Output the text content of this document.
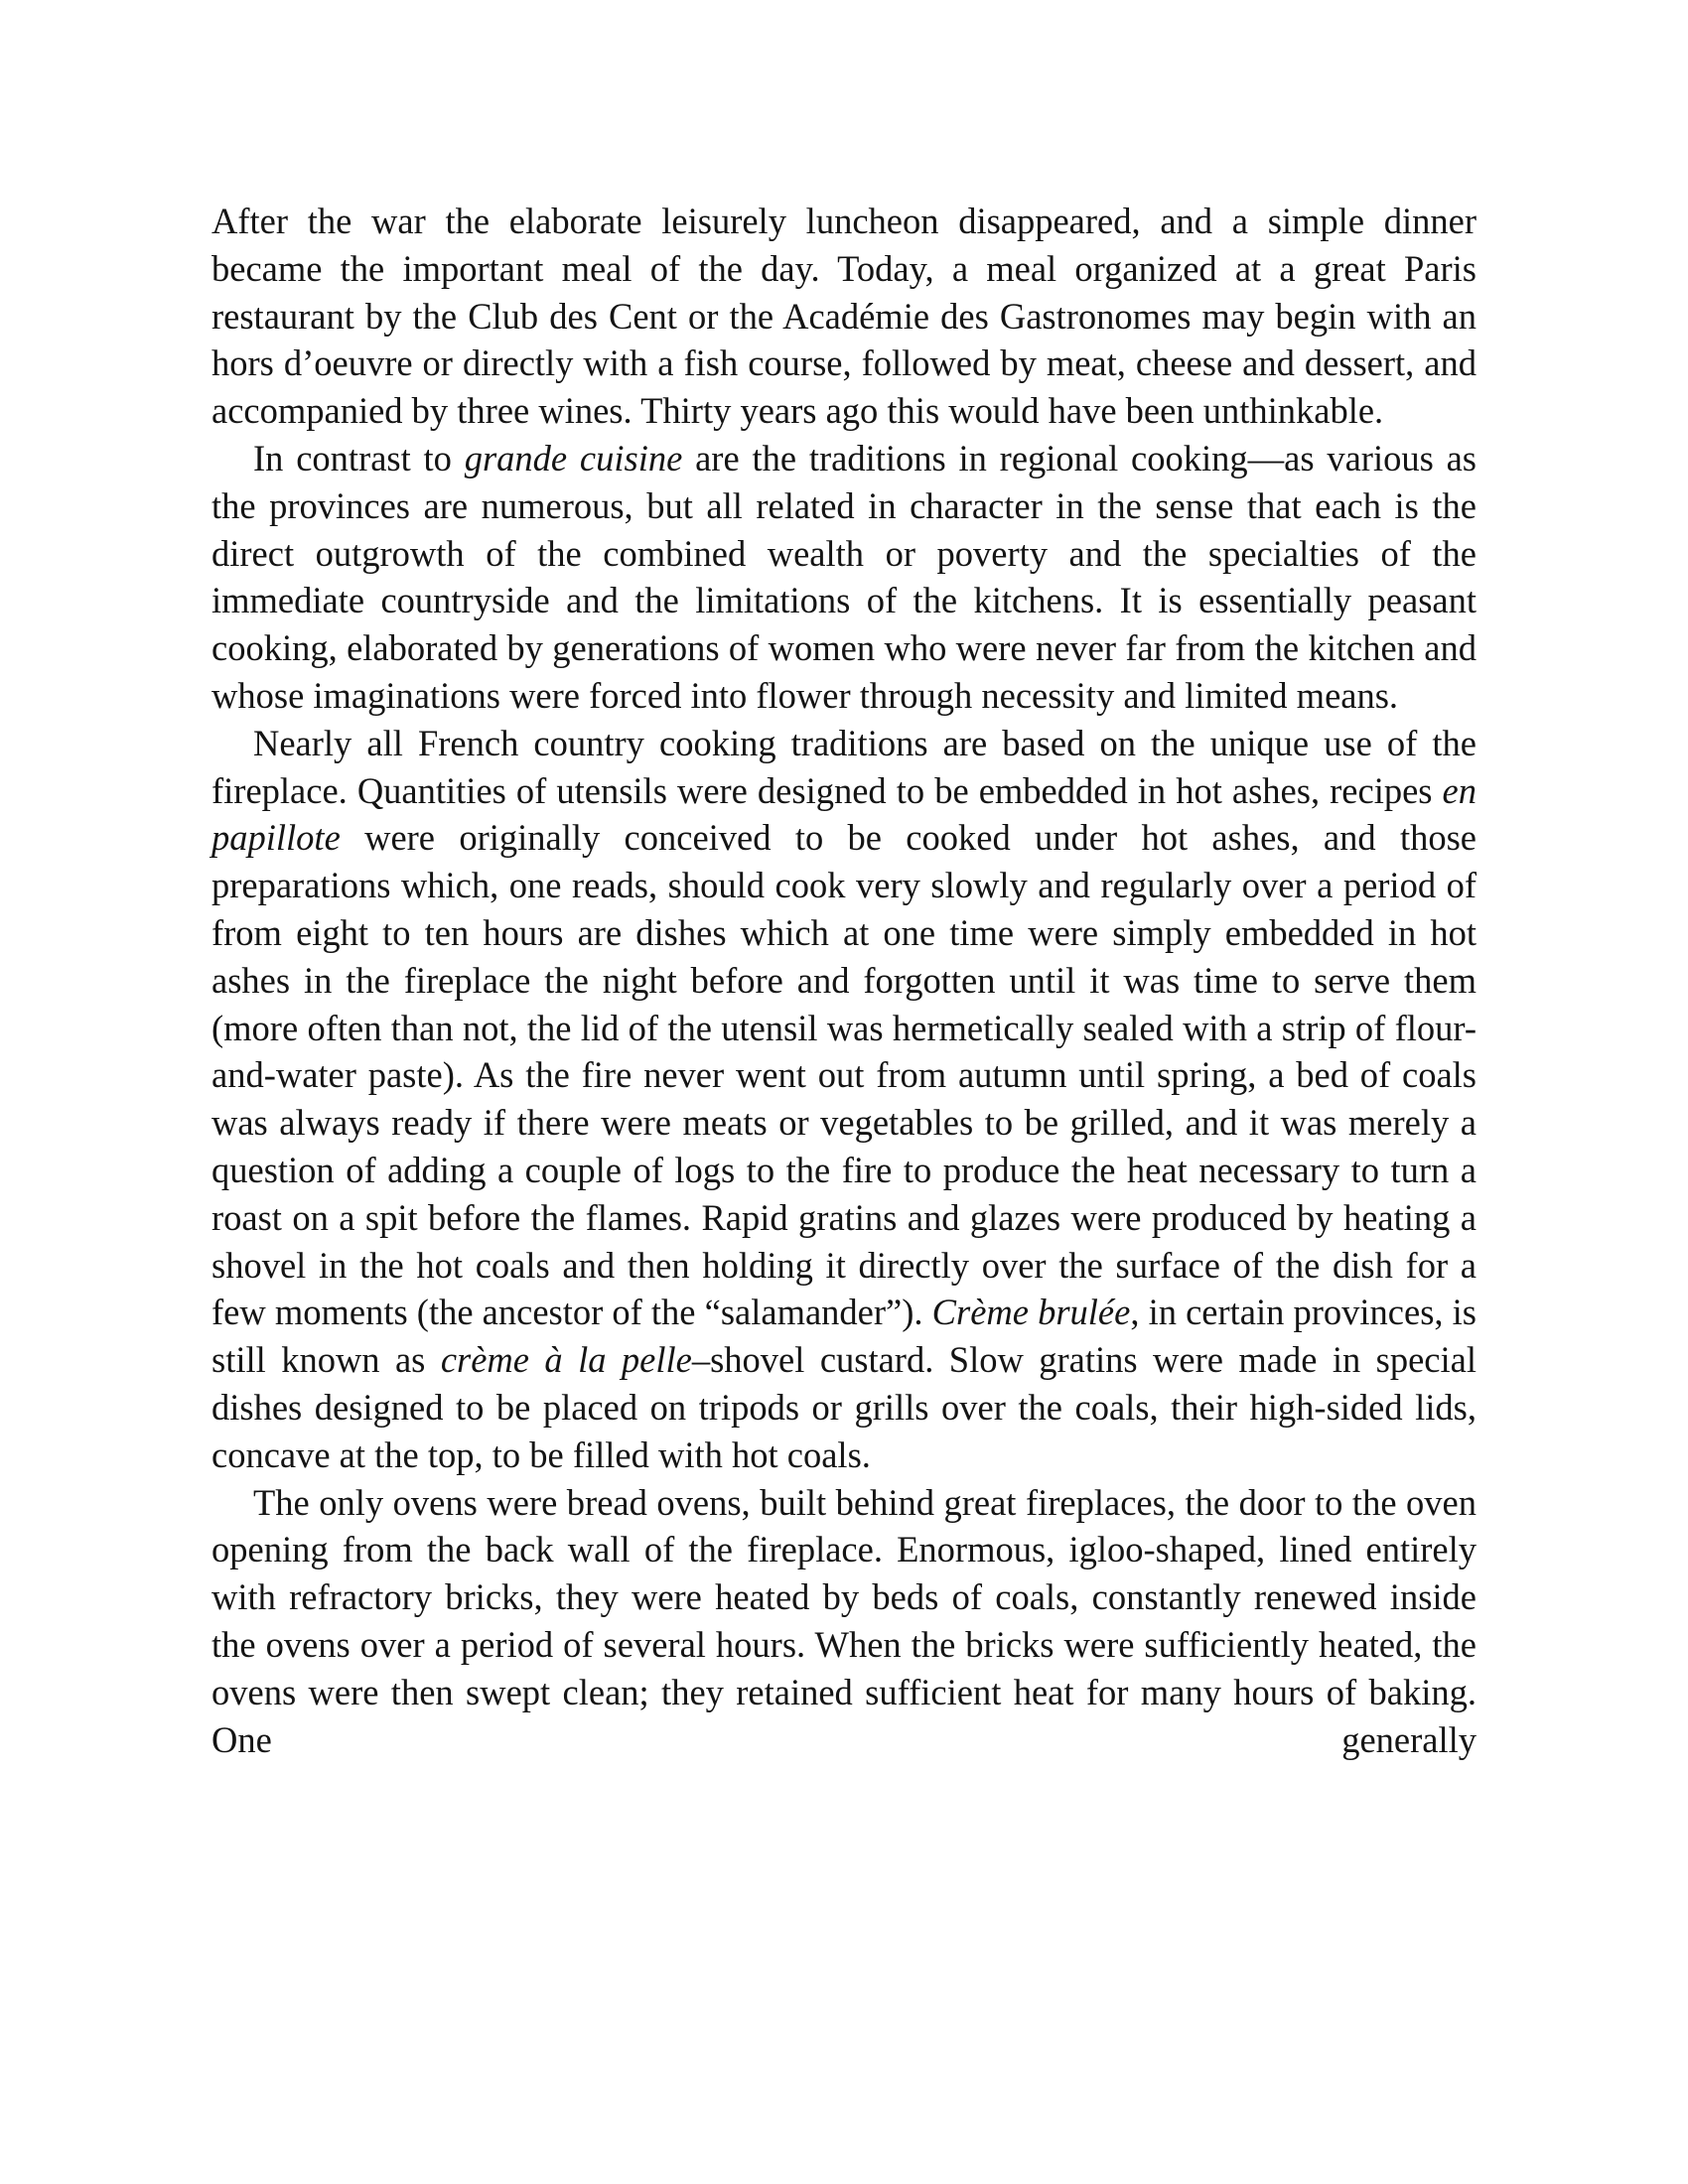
After the war the elaborate leisurely luncheon disappeared, and a simple dinner became the important meal of the day. Today, a meal organized at a great Paris restaurant by the Club des Cent or the Académie des Gastronomes may begin with an hors d’oeuvre or directly with a fish course, followed by meat, cheese and dessert, and accompanied by three wines. Thirty years ago this would have been unthinkable.

In contrast to grande cuisine are the traditions in regional cooking—as various as the provinces are numerous, but all related in character in the sense that each is the direct outgrowth of the combined wealth or poverty and the specialties of the immediate countryside and the limitations of the kitchens. It is essentially peasant cooking, elaborated by generations of women who were never far from the kitchen and whose imaginations were forced into flower through necessity and limited means.

Nearly all French country cooking traditions are based on the unique use of the fireplace. Quantities of utensils were designed to be embedded in hot ashes, recipes en papillote were originally conceived to be cooked under hot ashes, and those preparations which, one reads, should cook very slowly and regularly over a period of from eight to ten hours are dishes which at one time were simply embedded in hot ashes in the fireplace the night before and forgotten until it was time to serve them (more often than not, the lid of the utensil was hermetically sealed with a strip of flour-and-water paste). As the fire never went out from autumn until spring, a bed of coals was always ready if there were meats or vegetables to be grilled, and it was merely a question of adding a couple of logs to the fire to produce the heat necessary to turn a roast on a spit before the flames. Rapid gratins and glazes were produced by heating a shovel in the hot coals and then holding it directly over the surface of the dish for a few moments (the ancestor of the “salamander”). Crème brulée, in certain provinces, is still known as crème à la pelle–shovel custard. Slow gratins were made in special dishes designed to be placed on tripods or grills over the coals, their high-sided lids, concave at the top, to be filled with hot coals.

The only ovens were bread ovens, built behind great fireplaces, the door to the oven opening from the back wall of the fireplace. Enormous, igloo-shaped, lined entirely with refractory bricks, they were heated by beds of coals, constantly renewed inside the ovens over a period of several hours. When the bricks were sufficiently heated, the ovens were then swept clean; they retained sufficient heat for many hours of baking. One generally
